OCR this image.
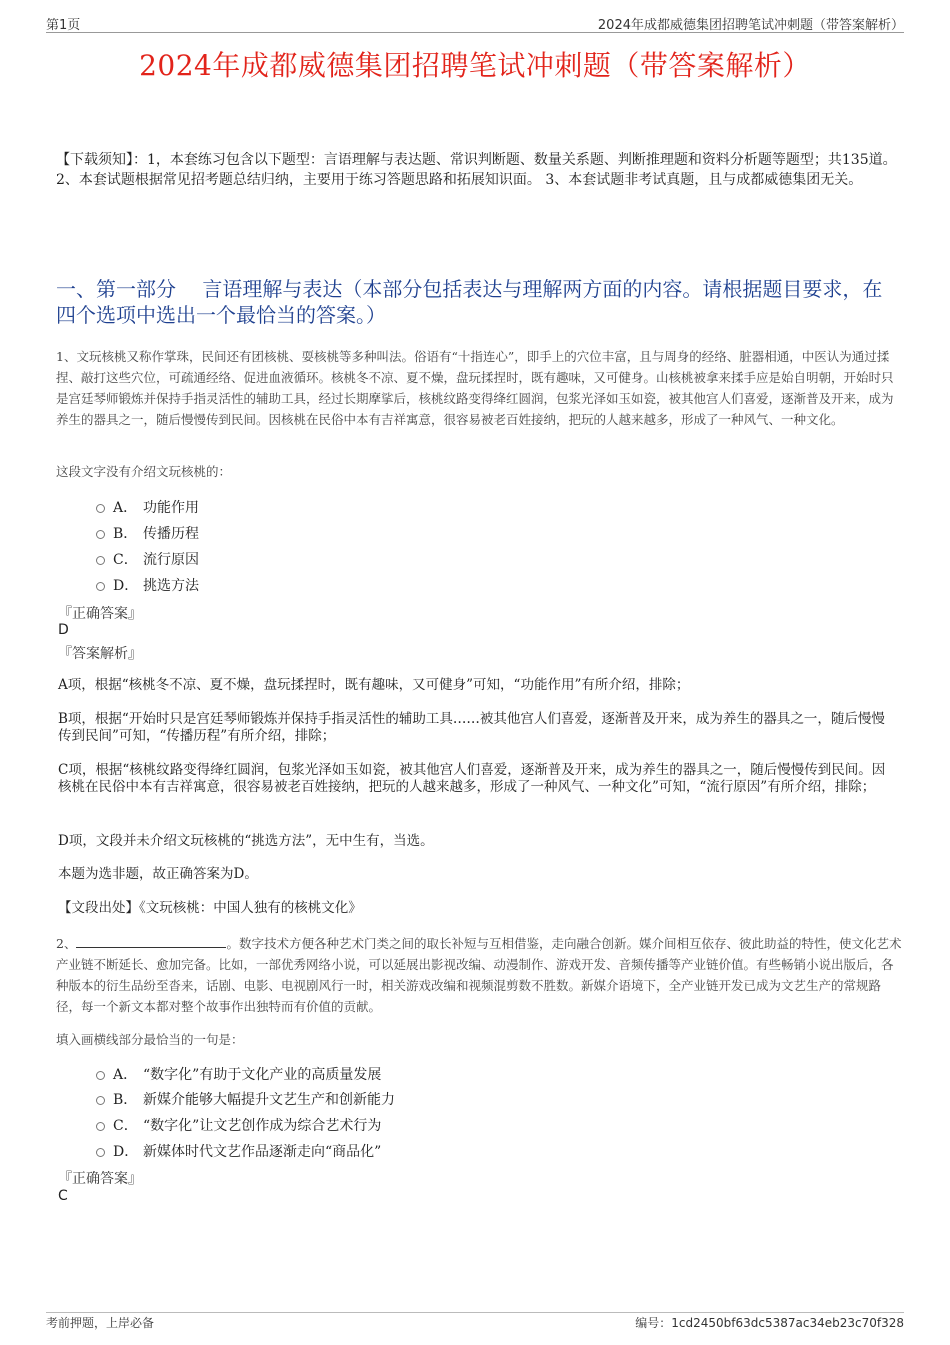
第1页	2024年成都威德集团招聘笔试冲刺题（带答案解析）
2024年成都威德集团招聘笔试冲刺题（带答案解析）
【下载须知】：1，本套练习包含以下题型：言语理解与表达题、常识判断题、数量关系题、判断推理题和资料分析题等题型；共135道。 2、本套试题根据常见招考题总结归纳，主要用于练习答题思路和拓展知识面。 3、本套试题非考试真题，且与成都威德集团无关。
一、第一部分　 言语理解与表达（本部分包括表达与理解两方面的内容。请根据题目要求，在四个选项中选出一个最恰当的答案。）
1、文玩核桃又称作掌珠，民间还有团核桃、耍核桃等多种叫法。俗语有“十指连心”，即手上的穴位丰富，且与周身的经络、脏器相通，中医认为通过揉捏、敲打这些穴位，可疏通经络、促进血液循环。核桃冬不凉、夏不燥，盘玩揉捏时，既有趣味，又可健身。山核桃被拿来揉手应是始自明朝，开始时只是宫廷琴师锻炼并保持手指灵活性的辅助工具，经过长期摩挲后，核桃纹路变得绛红圆润，包浆光泽如玉如瓷，被其他宫人们喜爱，逐渐普及开来，成为养生的器具之一，随后慢慢传到民间。因核桃在民俗中本有吉祥寓意，很容易被老百姓接纳，把玩的人越来越多，形成了一种风气、一种文化。
这段文字没有介绍文玩核桃的：
A． 功能作用
B． 传播历程
C． 流行原因
D． 挑选方法
『正确答案』
D
『答案解析』
A项，根据“核桃冬不凉、夏不燥，盘玩揉捏时，既有趣味，又可健身”可知，“功能作用”有所介绍，排除；
B项，根据“开始时只是宫廷琴师锻炼并保持手指灵活性的辅助工具……被其他宫人们喜爱，逐渐普及开来，成为养生的器具之一，随后慢慢传到民间”可知，“传播历程”有所介绍，排除；
C项，根据“核桃纹路变得绛红圆润，包浆光泽如玉如瓷，被其他宫人们喜爱，逐渐普及开来，成为养生的器具之一，随后慢慢传到民间。因核桃在民俗中本有吉祥寓意，很容易被老百姓接纳，把玩的人越来越多，形成了一种风气、一种文化”可知，“流行原因”有所介绍，排除；
D项，文段并未介绍文玩核桃的“挑选方法”，无中生有，当选。
本题为选非题，故正确答案为D。
【文段出处】《文玩核桃：中国人独有的核桃文化》
2、	。数字技术方便各种艺术门类之间的取长补短与互相借鉴，走向融合创新。媒介间相互依存、彼此助益的特性，使文化艺术产业链不断延长、愈加完备。比如，一部优秀网络小说，可以延展出影视改编、动漫制作、游戏开发、音频传播等产业链价值。有些畅销小说出版后，各种版本的衍生品纷至沓来，话剧、电影、电视剧风行一时，相关游戏改编和视频混剪数不胜数。新媒介语境下，全产业链开发已成为文艺生产的常规路径，每一个新文本都对整个故事作出独特而有价值的贡献。
填入画横线部分最恰当的一句是：
A． “数字化”有助于文化产业的高质量发展
B． 新媒介能够大幅提升文艺生产和创新能力
C． “数字化”让文艺创作成为综合艺术行为
D． 新媒体时代文艺作品逐渐走向“商品化”
『正确答案』
C
考前押题，上岸必备	编号：1cd2450bf63dc5387ac34eb23c70f328
